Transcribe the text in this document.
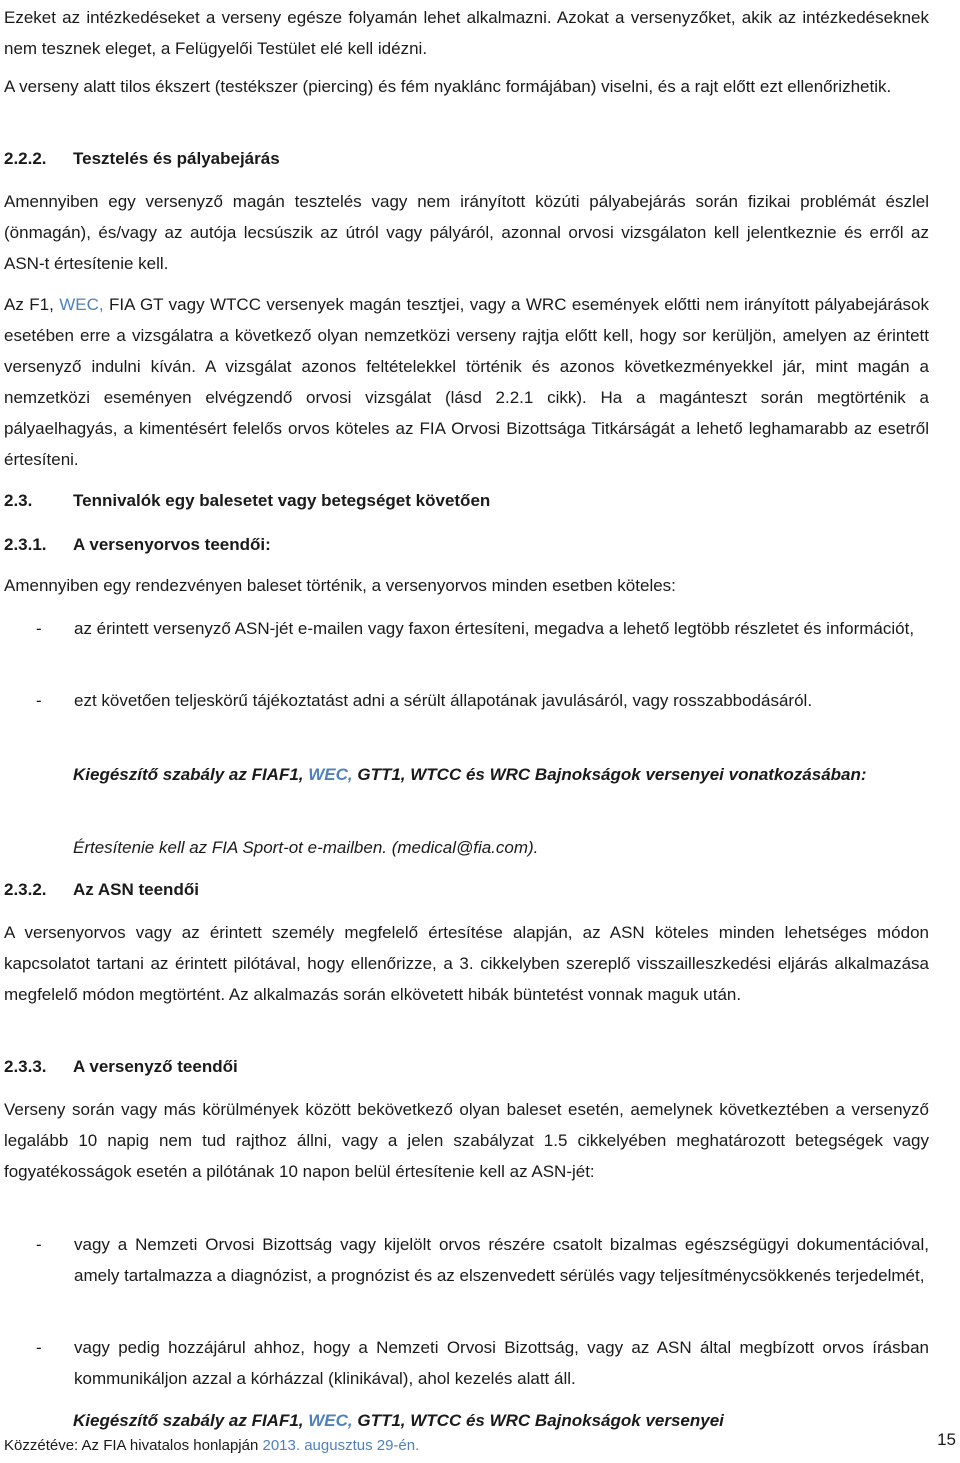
Ezeket az intézkedéseket a verseny egésze folyamán lehet alkalmazni. Azokat a versenyzőket, akik az intézkedéseknek nem tesznek eleget, a Felügyelői Testület elé kell idézni.

A verseny alatt tilos ékszert (testékszer (piercing) és fém nyaklánc formájában) viselni, és a rajt előtt ezt ellenőrizhetik.

2.2.2. Tesztelés és pályabejárás

Amennyiben egy versenyző magán tesztelés vagy nem irányított közúti pályabejárás során fizikai problémát észlel (önmagán), és/vagy az autója lecsúszik az útról vagy pályáról, azonnal orvosi vizsgálaton kell jelentkeznie és erről az ASN-t értesítenie kell.

Az F1, WEC, FIA GT vagy WTCC versenyek magán tesztjei, vagy a WRC események előtti nem irányított pályabejárások esetében erre a vizsgálatra a következő olyan nemzetközi verseny rajtja előtt kell, hogy sor kerüljön, amelyen az érintett versenyző indulni kíván. A vizsgálat azonos feltételekkel történik és azonos következményekkel jár, mint magán a nemzetközi eseményen elvégzendő orvosi vizsgálat (lásd 2.2.1 cikk). Ha a magánteszt során megtörténik a pályaelhagyás, a kimentésért felelős orvos köteles az FIA Orvosi Bizottsága Titkárságát a lehető leghamarabb az esetről értesíteni.

2.3. Tennivalók egy balesetet vagy betegséget követően
2.3.1. A versenyorvos teendői:

Amennyiben egy rendezvényen baleset történik, a versenyorvos minden esetben köteles:

- az érintett versenyző ASN-jét e-mailen vagy faxon értesíteni, megadva a lehető legtöbb részletet és információt,

- ezt követően teljeskörű tájékoztatást adni a sérült állapotának javulásáról, vagy rosszabbodásáról.

Kiegészítő szabály az FIAF1, WEC, GTT1, WTCC és WRC Bajnokságok versenyei vonatkozásában:

Értesítenie kell az FIA Sport-ot e-mailben. (medical@fia.com).

2.3.2. Az ASN teendői

A versenyorvos vagy az érintett személy megfelelő értesítése alapján, az ASN köteles minden lehetséges módon kapcsolatot tartani az érintett pilótával, hogy ellenőrizze, a 3. cikkelyben szereplő visszailleszkedési eljárás alkalmazása megfelelő módon megtörtént. Az alkalmazás során elkövetett hibák büntetést vonnak maguk után.

2.3.3. A versenyző teendői

Verseny során vagy más körülmények között bekövetkező olyan baleset esetén, aemelynek következtében a versenyző legalább 10 napig nem tud rajthoz állni, vagy a jelen szabályzat 1.5 cikkelyében meghatározott betegségek vagy fogyatékosságok esetén a pilótának 10 napon belül értesítenie kell az ASN-jét:

- vagy a Nemzeti Orvosi Bizottság vagy kijelölt orvos részére csatolt bizalmas egészségügyi dokumentációval, amely tartalmazza a diagnózist, a prognózist és az elszenvedett sérülés vagy teljesítménycsökkenés terjedelmét,

- vagy pedig hozzájárul ahhoz, hogy a Nemzeti Orvosi Bizottság, vagy az ASN által megbízott orvos írásban kommunikáljon azzal a kórházzal (klinikával), ahol kezelés alatt áll.

Kiegészítő szabály az FIAF1, WEC, GTT1, WTCC és WRC Bajnokságok versenyei

Közzétéve: Az FIA hivatalos honlapján 2013. augusztus 29-én.	15
